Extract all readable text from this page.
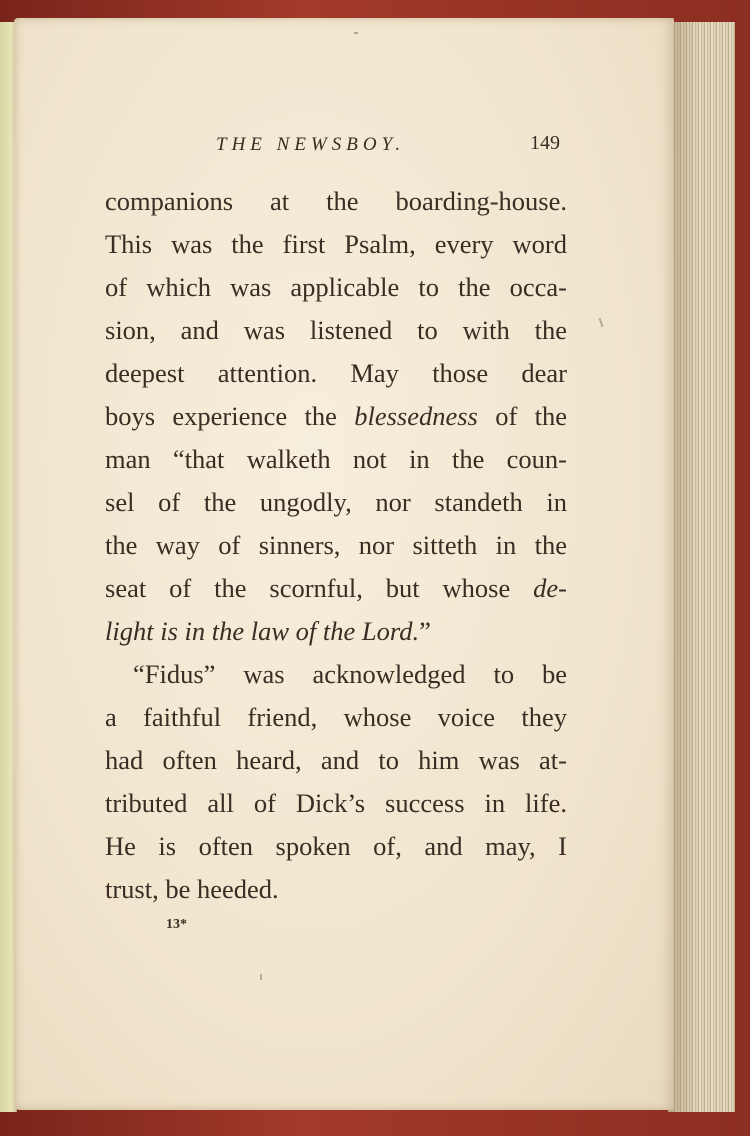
THE NEWSBOY.	149
companions at the boarding-house.
This was the first Psalm, every word
of which was applicable to the occa-
sion, and was listened to with the
deepest attention. May those dear
boys experience the blessedness of the
man “that walketh not in the coun-
sel of the ungodly, nor standeth in
the way of sinners, nor sitteth in the
seat of the scornful, but whose de-
light is in the law of the Lord.”
“Fidus” was acknowledged to be
a faithful friend, whose voice they
had often heard, and to him was at-
tributed all of Dick’s success in life.
He is often spoken of, and may, I
trust, be heeded.
13*
